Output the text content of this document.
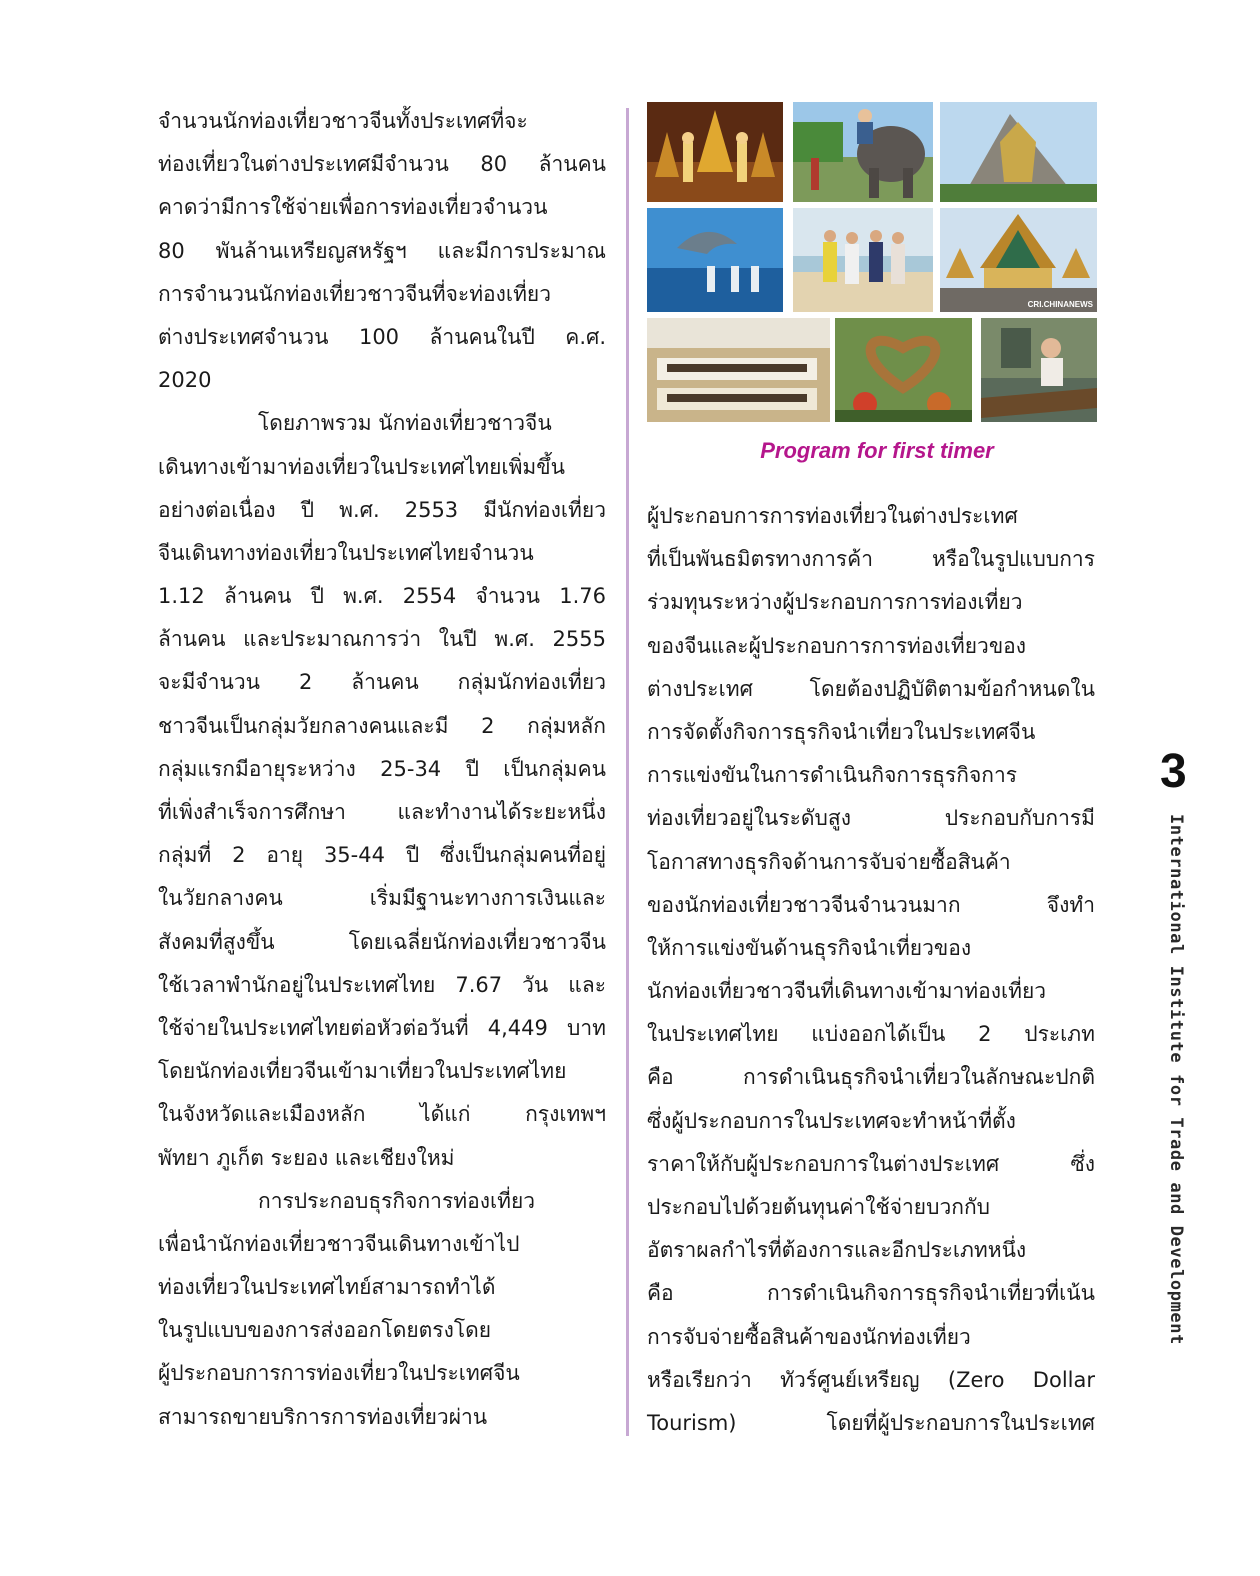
จำนวนนักท่องเที่ยวชาวจีนทั้งประเทศที่จะ
ท่องเที่ยวในต่างประเทศมีจำนวน 80 ล้านคน
คาดว่ามีการใช้จ่ายเพื่อการท่องเที่ยวจำนวน
80 พันล้านเหรียญสหรัฐฯ และมีการประมาณ
การจำนวนนักท่องเที่ยวชาวจีนที่จะท่องเที่ยว
ต่างประเทศจำนวน 100 ล้านคนในปี ค.ศ.
2020
โดยภาพรวม นักท่องเที่ยวชาวจีน
เดินทางเข้ามาท่องเที่ยวในประเทศไทยเพิ่มขึ้น
อย่างต่อเนื่อง ปี พ.ศ. 2553 มีนักท่องเที่ยว
จีนเดินทางท่องเที่ยวในประเทศไทยจำนวน
1.12 ล้านคน ปี พ.ศ. 2554 จำนวน 1.76
ล้านคน และประมาณการว่า ในปี พ.ศ. 2555
จะมีจำนวน 2 ล้านคน กลุ่มนักท่องเที่ยว
ชาวจีนเป็นกลุ่มวัยกลางคนและมี 2 กลุ่มหลัก
กลุ่มแรกมีอายุระหว่าง 25-34 ปี เป็นกลุ่มคน
ที่เพิ่งสำเร็จการศึกษา และทำงานได้ระยะหนึ่ง
กลุ่มที่ 2 อายุ 35-44 ปี ซึ่งเป็นกลุ่มคนที่อยู่
ในวัยกลางคน เริ่มมีฐานะทางการเงินและ
สังคมที่สูงขึ้น โดยเฉลี่ยนักท่องเที่ยวชาวจีน
ใช้เวลาพำนักอยู่ในประเทศไทย 7.67 วัน และ
ใช้จ่ายในประเทศไทยต่อหัวต่อวันที่ 4,449 บาท
โดยนักท่องเที่ยวจีนเข้ามาเที่ยวในประเทศไทย
ในจังหวัดและเมืองหลัก ได้แก่ กรุงเทพฯ
พัทยา ภูเก็ต ระยอง และเชียงใหม่
การประกอบธุรกิจการท่องเที่ยว
เพื่อนำนักท่องเที่ยวชาวจีนเดินทางเข้าไป
ท่องเที่ยวในประเทศไทย์สามารถทำได้
ในรูปแบบของการส่งออกโดยตรงโดย
ผู้ประกอบการการท่องเที่ยวในประเทศจีน
สามารถขายบริการการท่องเที่ยวผ่าน
CRI.CHINANEWS
Program for first timer
ผู้ประกอบการการท่องเที่ยวในต่างประเทศ
ที่เป็นพันธมิตรทางการค้า หรือในรูปแบบการ
ร่วมทุนระหว่างผู้ประกอบการการท่องเที่ยว
ของจีนและผู้ประกอบการการท่องเที่ยวของ
ต่างประเทศ โดยต้องปฏิบัติตามข้อกำหนดใน
การจัดตั้งกิจการธุรกิจนำเที่ยวในประเทศจีน
การแข่งขันในการดำเนินกิจการธุรกิจการ
ท่องเที่ยวอยู่ในระดับสูง ประกอบกับการมี
โอกาสทางธุรกิจด้านการจับจ่ายซื้อสินค้า
ของนักท่องเที่ยวชาวจีนจำนวนมาก จึงทำ
ให้การแข่งขันด้านธุรกิจนำเที่ยวของ
นักท่องเที่ยวชาวจีนที่เดินทางเข้ามาท่องเที่ยว
ในประเทศไทย แบ่งออกได้เป็น 2 ประเภท
คือ การดำเนินธุรกิจนำเที่ยวในลักษณะปกติ
ซึ่งผู้ประกอบการในประเทศจะทำหน้าที่ตั้ง
ราคาให้กับผู้ประกอบการในต่างประเทศ ซึ่ง
ประกอบไปด้วยต้นทุนค่าใช้จ่ายบวกกับ
อัตราผลกำไรที่ต้องการและอีกประเภทหนึ่ง
คือ การดำเนินกิจการธุรกิจนำเที่ยวที่เน้น
การจับจ่ายซื้อสินค้าของนักท่องเที่ยว
หรือเรียกว่า ทัวร์ศูนย์เหรียญ (Zero Dollar
Tourism) โดยที่ผู้ประกอบการในประเทศ
3
International Institute for Trade and Development
